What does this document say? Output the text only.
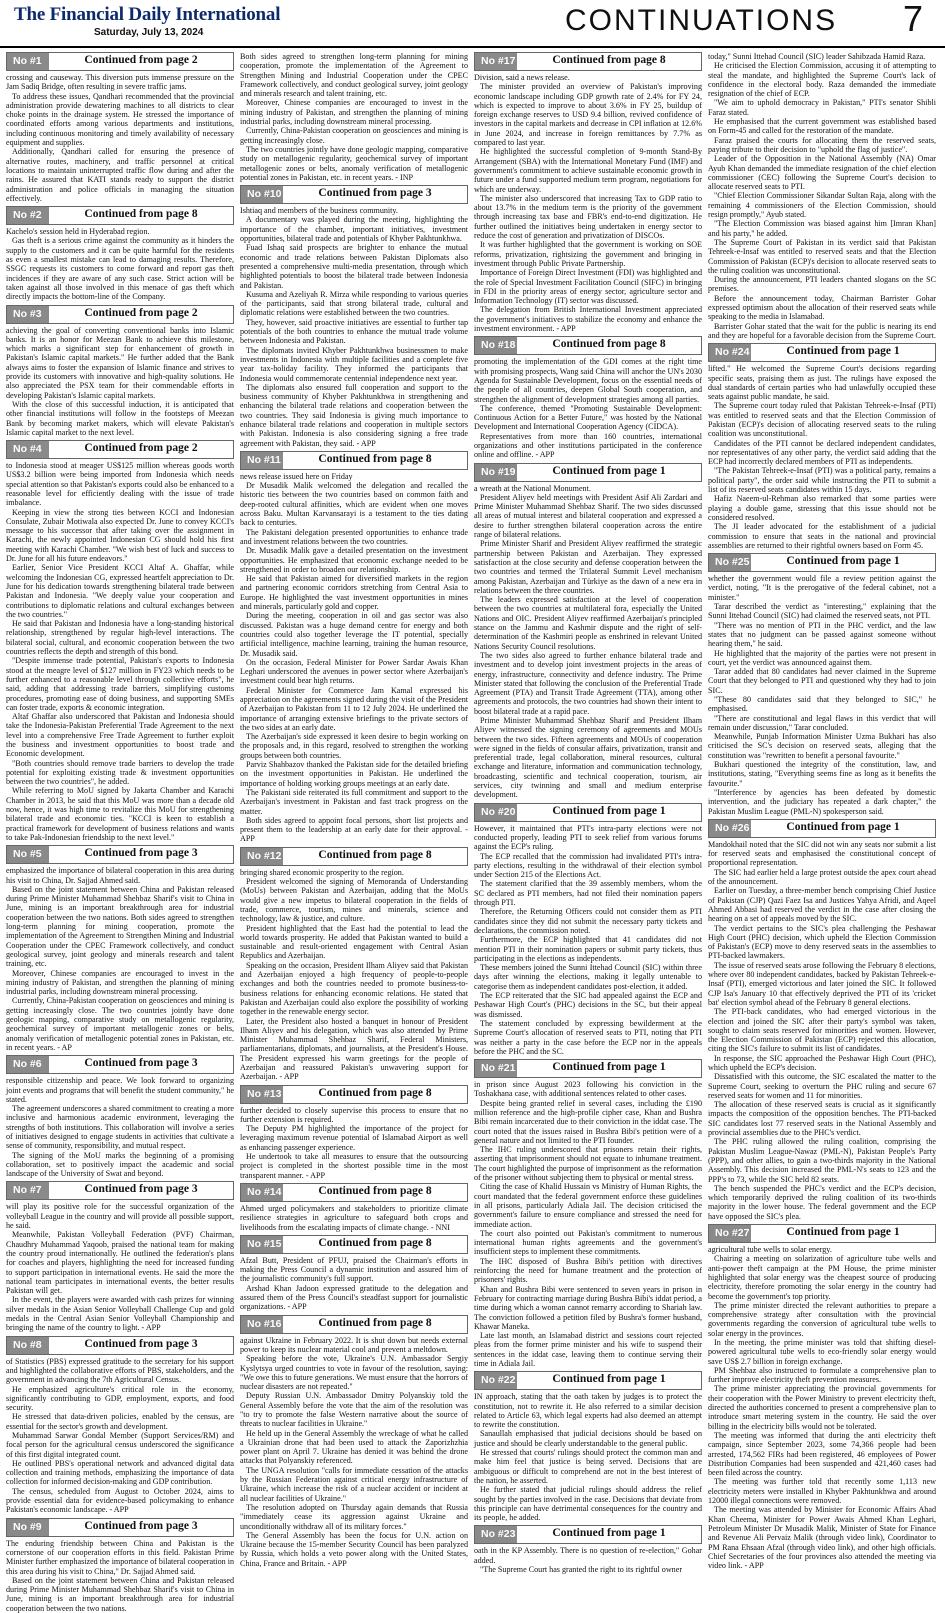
The Financial Daily International
Saturday, July 13, 2024	CONTINUATIONS 7
No #1	Continued from page 2

crossing and causeway. This diversion puts immense pressure on the Jam Sadiq Bridge, often resulting in severe traffic jams.

To address these issues, Qandhari recommended that the provincial administration provide dewatering machines to all districts to clear choke points in the drainage system. He stressed the importance of coordinated efforts among various departments and institutions, including continuous monitoring and timely availability of necessary equipment and supplies.

Additionally, Qandhari called for ensuring the presence of alternative routes, machinery, and traffic personnel at critical locations to maintain uninterrupted traffic flow during and after the rains. He assured that KATI stands ready to support the district administration and police officials in managing the situation effectively.

No #2	Continued from page 8

Kachelo's session held in Hyderabad region.

Gas theft is a serious crime against the community as it hinders the supply to the customers and it can be quite harmful for the residents as even a smallest mistake can lead to damaging results. Therefore, SSGC requests its customers to come forward and report gas theft incidences if they are aware of any such case. Strict action will be taken against all those involved in this menace of gas theft which directly impacts the bottom-line of the Company.

No #3	Continued from page 2

achieving the goal of converting conventional banks into Islamic banks. It is an honor for Meezan Bank to achieve this milestone, which marks a significant step for enhancement of growth in Pakistan's Islamic capital markets." He further added that the Bank always aims to foster the expansion of Islamic finance and strives to provide its customers with innovative and high-quality solutions. He also appreciated the PSX team for their commendable efforts in developing Pakistan's Islamic capital markets.

With the close of this successful induction, it is anticipated that other financial institutions will follow in the footsteps of Meezan Bank by becoming market makers, which will elevate Pakistan's Islamic capital market to the next level.

No #4	Continued from page 2

to Indonesia stood at meager US$125 million whereas goods worth US$3.2 billion were being imported from Indonesia which needs special attention so that Pakistan's exports could also be enhanced to a reasonable level for efficiently dealing with the issue of trade imbalance.

Keeping in view the strong ties between KCCI and Indonesian Consulate, Zubair Motiwala also expected Dr. June to convey KCCI's message to his successor that after taking over the assignment in Karachi, the newly appointed Indonesian CG should hold his first meeting with Karachi Chamber. "We wish best of luck and success to Dr. June for all his future endeavors."

Earlier, Senior Vice President KCCI Altaf A. Ghaffar, while welcoming the Indonesian CG, expressed heartfelt appreciation to Dr. June for his dedication towards strengthening bilateral trade between Pakistan and Indonesia. "We deeply value your cooperation and contributions to diplomatic relations and cultural exchanges between the two countries."

He said that Pakistan and Indonesia have a long-standing historical relationship, strengthened by regular high-level interactions. The bilateral social, cultural, and economic cooperation between the two countries reflects the depth and strength of this bond.

"Despite immense trade potential, Pakistan's exports to Indonesia stood at the meagre level of $127 million in FY23 which needs to be further enhanced to a reasonable level through collective efforts", he said, adding that addressing trade barriers, simplifying customs procedures, promoting ease of doing business, and supporting SMEs can foster trade, exports & economic integration.

Altaf Ghaffar also underscored that Pakistan and Indonesia should take the Indonesia-Pakistan Preferential Trade Agreement to the next level into a comprehensive Free Trade Agreement to further exploit the business and investment opportunities to boost trade and Economic development.

"Both countries should remove trade barriers to develop the trade potential for exploiting existing trade & investment opportunities between the two countries", he added.

While referring to MoU signed by Jakarta Chamber and Karachi Chamber in 2013, he said that this MoU was more than a decade old now, hence, it was high time to revitalize this MoU for strengthening bilateral trade and economic ties. "KCCI is keen to establish a practical framework for development of business relations and wants to take Pak-Indonesian friendship to the next level."

No #5	Continued from page 3

emphasized the importance of bilateral cooperation in this area during his visit to China, Dr. Sajjad Ahmed said.

Based on the joint statement between China and Pakistan released during Prime Minister Muhammad Shehbaz Sharif's visit to China in June, mining is an important breakthrough area for industrial cooperation between the two nations. Both sides agreed to strengthen long-term planning for mining cooperation, promote the implementation of the Agreement to Strengthen Mining and Industrial Cooperation under the CPEC Framework collectively, and conduct geological survey, joint geology and minerals research and talent training, etc.

Moreover, Chinese companies are encouraged to invest in the mining industry of Pakistan, and strengthen the planning of mining industrial parks, including downstream mineral processing.

Currently, China-Pakistan cooperation on geosciences and mining is getting increasingly close. The two countries jointly have done geologic mapping, comparative study on metallogenic regularity, geochemical survey of important metallogenic zones or belts, anomaly verification of metallogenic potential zones in Pakistan, etc. in recent years. - AP

No #6	Continued from page 3

responsible citizenship and peace. We look forward to organizing joint events and programs that will benefit the student community," he stated.

The agreement underscores a shared commitment to creating a more inclusive and harmonious academic environment, leveraging the strengths of both institutions. This collaboration will involve a series of initiatives designed to engage students in activities that cultivate a sense of community, responsibility, and mutual respect.

The signing of the MoU marks the beginning of a promising collaboration, set to positively impact the academic and social landscape of the University of Swat and beyond.

No #7	Continued from page 3

will play its positive role for the successful organization of the volleyball League in the country and will provide all possible support, he said.

Meanwhile, Pakistan Volleyball Federation (PVF) Chairman, Chaudhry Muhammad Yaqoob, praised the national team for making the country proud internationally. He outlined the federation's plans for coaches and players, highlighting the need for increased funding to support participation in international events. He said the more the national team participates in international events, the better results Pakistan will get.

In the event, the players were awarded with cash prizes for winning silver medals in the Asian Senior Volleyball Challenge Cup and gold medals in the Central Asian Senior Volleyball Championship and bringing the name of the country to light. - APP

No #8	Continued from page 3

of Statistics (PBS) expressed gratitude to the secretary for his support and highlighted the collaborative efforts of PBS, stakeholders, and the government in advancing the 7th Agricultural Census.

He emphasized agriculture's critical role in the economy, significantly contributing to GDP, employment, exports, and food security.

He stressed that data-driven policies, enabled by the census, are essential for the sector's growth and development.

Muhammad Sarwar Gondal Member (Support Services/RM) and focal person for the agricultural census underscored the significance of this first digital integrated count.

He outlined PBS's operational network and advanced digital data collection and training methods, emphasizing the importance of data collection for informed decision-making and GDP contribution.

The census, scheduled from August to October 2024, aims to provide essential data for evidence-based policymaking to enhance Pakistan's economic landscape. - APP

No #9	Continued from page 3

The enduring friendship between China and Pakistan is the cornerstone of our cooperation efforts in this field. Pakistan Prime Minister further emphasized the importance of bilateral cooperation in this area during his visit to China," Dr. Sajjad Ahmed said.

Based on the joint statement between China and Pakistan released during Prime Minister Muhammad Shehbaz Sharif's visit to China in June, mining is an important breakthrough area for industrial cooperation between the two nations.

Both sides agreed to strengthen long-term planning for mining cooperation, promote the implementation of the Agreement to Strengthen Mining and Industrial Cooperation under the CPEC Framework collectively, and conduct geological survey, joint geology and minerals research and talent training, etc.

Moreover, Chinese companies are encouraged to invest in the mining industry of Pakistan, and strengthen the planning of mining industrial parks, including downstream mineral processing.

Currently, China-Pakistan cooperation on geosciences and mining is getting increasingly close.

The two countries jointly have done geologic mapping, comparative study on metallogenic regularity, geochemical survey of important metallogenic zones or belts, anomaly verification of metallogenic potential zones in Pakistan, etc. in recent years. - INP

No #10	Continued from page 3

Ishtiaq and members of the business community.

A documentary was played during the meeting, highlighting the importance of the chamber, important initiatives, investment opportunities, bilateral trade and potentials of Khyber Pakhtunkhwa.

Fuad Ishaq said prospects are brighter to enhance the mutual economic and trade relations between Pakistan Diplomats also presented a comprehensive multi-media presentation, through which highlighted potentials to boost the bilateral trade between Indonesia and Pakistan.

Kusuma and Azeliyah R. Mirza while responding to various queries of the participants, said that strong bilateral trade, cultural and diplomatic relations were established between the two countries.

They, however, said proactive initiatives are essential to further tap potentials of the both countries to enhance the mutual trade volume between Indonesia and Pakistan.

The diplomats invited Khyber Pakhtunkhwa businessmen to make investments in Indonesia with multiple facilities and a complete five year tax-holiday facility. They informed the participants that Indonesia would commemorate centennial independence next year.

The diplomats also ensured full cooperation and support to the business community of Khyber Pakhtunkhwa in strengthening and enhancing the bilateral trade relations and cooperation between the two countries. They said Indonesia is giving much importance to enhance bilateral trade relations and cooperation in multiple sectors with Pakistan. Indonesia is also considering signing a free trade agreement with Pakistan, they said. - APP

No #11	Continued from page 8

news release issued here on Friday

Dr Musadik Malik welcomed the delegation and recalled the historic ties between the two countries based on common faith and deep-rooted cultural affinities, which are evident when one moves across Baku. Multan Karvansarayi is a testament to the ties dating back to centuries.

The Pakistani delegation presented opportunities to enhance trade and investment relations between the two countries.

Dr. Musadik Malik gave a detailed presentation on the investment opportunities. He emphasized that economic exchange needed to be strengthened in order to broaden our relationship.

He said that Pakistan aimed for diversified markets in the region and partnering economic corridors stretching from Central Asia to Europe. He highlighted the vast investment opportunities in mines and minerals, particularly gold and copper.

During the meeting, cooperation in oil and gas sector was also discussed. Pakistan was a huge demand centre for energy and both countries could also together leverage the IT potential, specially artificial intelligence, machine learning, training the human resource, Dr. Musadik said.

On the occasion, Federal Minister for Power Sardar Awais Khan Leghari underscored the avenues in power sector where Azerbaijan's investment could bear high returns.

Federal Minister for Commerce Jam Kamal expressed his appreciation on the agreements signed during the visit of the President of Azerbaijan to Pakistan from 11 to 12 July 2024. He underlined the importance of arranging extensive briefings to the private sectors of the two sides at an early date.

The Azerbaijan's side expressed it keen desire to begin working on the proposals and, in this regard, resolved to strengthen the working groups between both countries.

Parviz Shahbazov thanked the Pakistan side for the detailed briefing on the investment opportunities in Pakistan. He underlined the importance of holding working groups meetings at an early date.

The Pakistani side reiterated its full commitment and support to the Azerbaijan's investment in Pakistan and fast track progress on the matter.

Both sides agreed to appoint focal persons, short list projects and present them to the leadership at an early date for their approval. - APP

No #12	Continued from page 8

bringing shared economic prosperity to the region.

President welcomed the signing of Memoranda of Understanding (MoUs) between Pakistan and Azerbaijan, adding that the MoUs would give a new impetus to bilateral cooperation in the fields of trade, commerce, tourism, mines and minerals, science and technology, law & justice, and culture.

President highlighted that the East had the potential to lead the world towards prosperity. He added that Pakistan wanted to build a sustainable and result-oriented engagement with Central Asian Republics and Azerbaijan.

Speaking on the occasion, President Ilham Aliyev said that Pakistan and Azerbaijan enjoyed a high frequency of people-to-people exchanges and both the countries needed to promote business-to-business relations for enhancing economic relations. He stated that Pakistan and Azerbaijan could also explore the possibility of working together in the renewable energy sector.

Later, the President also hosted a banquet in honour of President Ilham Aliyev and his delegation, which was also attended by Prime Minister Muhammad Shehbaz Sharif, Federal Ministers, parliamentarians, diplomats, and journalists, at the President's House. The President expressed his warm greetings for the people of Azerbaijan and reassured Pakistan's unwavering support for Azerbaijan. - APP

No #13	Continued from page 8

further decided to closely supervise this process to ensure that no further extension is required.

The Deputy PM highlighted the importance of the project for leveraging maximum revenue potential of Islamabad Airport as well as enhancing passenger experience.

He undertook to take all measures to ensure that the outsourcing project is completed in the shortest possible time in the most transparent manner. - APP

No #14	Continued from page 8

Ahmed urged policymakers and stakeholders to prioritize climate resilience strategies in agriculture to safeguard both crops and livelihoods from the escalating impacts of climate change. - NNI

No #15	Continued from page 8

Afzal Butt, President of PFUJ, praised the Chairman's efforts in making the Press Council a dynamic institution and assured him of the journalistic community's full support.

Arshad Khan Jadoon expressed gratitude to the delegation and assured them of the Press Council's steadfast support for journalistic organizations. - APP

No #16	Continued from page 8

against Ukraine in February 2022. It is shut down but needs external power to keep its nuclear material cool and prevent a meltdown.

Speaking before the vote, Ukraine's U.N. Ambassador Sergiy Kyslytsya urged countries to vote in favour of the resolution, saying: "We owe this to future generations. We must ensure that the horrors of nuclear disasters are not repeated."

Deputy Russian U.N. Ambassador Dmitry Polyanskiy told the General Assembly before the vote that the aim of the resolution was "to try to promote the false Western narrative about the source of threats to nuclear facilities in Ukraine."

He held up in the General Assembly the wreckage of what he called a Ukrainian drone that had been used to attack the Zaporizhzhia power plant on April 7. Ukraine has denied it was behind the drone attacks that Polyanskiy referenced.

The UNGA resolution "calls for immediate cessation of the attacks by the Russian Federation against critical energy infrastructure of Ukraine, which increase the risk of a nuclear accident or incident at all nuclear facilities of Ukraine."

The resolution adopted on Thursday again demands that Russia "immediately cease its aggression against Ukraine and unconditionally withdraw all of its military forces."

The General Assembly has been the focus for U.N. action on Ukraine because the 15-member Security Council has been paralyzed by Russia, which holds a veto power along with the United States, China, France and Britain. - APP

No #17	Continued from page 8

Division, said a news release.

The minister provided an overview of Pakistan's improving economic landscape including GDP growth rate of 2.4% for FY 24, which is expected to improve to about 3.6% in FY 25, buildup of foreign exchange reserves to USD 9.4 billion, revived confidence of investors in the capital markets and decrease in CPI inflation at 12.6% in June 2024, and increase in foreign remittances by 7.7% as compared to last year.

He highlighted the successful completion of 9-month Stand-By Arrangement (SBA) with the International Monetary Fund (IMF) and government's commitment to achieve sustainable economic growth in future under a fund supported medium term program, negotiations for which are underway.

The minister also underscored that increasing Tax to GDP ratio to about 13.7% in the medium term is the priority of the government through increasing tax base and FBR's end-to-end digitization. He further outlined the initiatives being undertaken in energy sector to reduce the cost of generation and privatization of DISCOs.

It was further highlighted that the government is working on SOE reforms, privatization, rightsizing the government and bringing in investment through Public Private Partnership.

Importance of Foreign Direct Investment (FDI) was highlighted and the role of Special Investment Facilitation Council (SIFC) in bringing in FDI in the priority areas of energy sector, agriculture sector and Information Technology (IT) sector was discussed.

The delegation from British International Investment appreciated the government's initiatives to stabilize the economy and enhance the investment environment. - APP

No #18	Continued from page 8

promoting the implementation of the GDI comes at the right time with promising prospects, Wang said China will anchor the UN's 2030 Agenda for Sustainable Development, focus on the essential needs of the people of all countries, deepen Global South cooperation, and strengthen the alignment of development strategies among all parties.

The conference, themed "Promoting Sustainable Development: Continuous Action for a Better Future," was hosted by the National Development and International Cooperation Agency (CIDCA).

Representatives from more than 160 countries, international organizations and other institutions participated in the conference online and offline. - APP

No #19	Continued from page 1

a wreath at the National Monument.

President Aliyev held meetings with President Asif Ali Zardari and Prime Minister Muhammad Shehbaz Sharif. The two sides discussed all areas of mutual interest and bilateral cooperation and expressed a desire to further strengthen bilateral cooperation across the entire range of bilateral relations.

Prime Minister Sharif and President Aliyev reaffirmed the strategic partnership between Pakistan and Azerbaijan. They expressed satisfaction at the close security and defense cooperation between the two countries and termed the Trilateral Summit Level mechanism among Pakistan, Azerbaijan and Türkiye as the dawn of a new era in relations between the three countries.

The leaders expressed satisfaction at the level of cooperation between the two countries at multilateral fora, especially the United Nations and OIC. President Aliyev reaffirmed Azerbaijan's principled stance on the Jammu and Kashmir dispute and the right of self-determination of the Kashmiri people as enshrined in relevant United Nations Security Council resolutions.

The two sides also agreed to further enhance bilateral trade and investment and to develop joint investment projects in the areas of energy, infrastructure, connectivity and defence industry. The Prime Minister stated that following the conclusion of the Preferential Trade Agreement (PTA) and Transit Trade Agreement (TTA), among other agreements and protocols, the two countries had shown their intent to boost bilateral trade at a rapid pace.

Prime Minister Muhammad Shehbaz Sharif and President Ilham Aliyev witnessed the signing ceremony of agreements and MOUs between the two sides. Fifteen agreements and MOUs of cooperation were signed in the fields of consular affairs, privatization, transit and preferential trade, legal collaboration, mineral resources, cultural exchange and literature, information and communication technology, broadcasting, scientific and technical cooperation, tourism, air services, city twinning and small and medium enterprise development.

No #20	Continued from page 1

However, it maintained that PTI's intra-party elections were not conducted properly, leading PTI to seek relief from various forums against the ECP's ruling.

The ECP recalled that the commission had invalidated PTI's intra-party elections, resulting in the withdrawal of their election symbol under Section 215 of the Elections Act.

The statement clarified that the 39 assembly members, whom the SC declared as PTI members, had not filed their nomination papers through PTI.

Therefore, the Returning Officers could not consider them as PTI candidates since they did not submit the necessary party tickets and declarations, the commission noted.

Furthermore, the ECP highlighted that 41 candidates did not mention PTI in their nomination papers or submit party tickets, thus participating in the elections as independents.

These members joined the Sunni Ittehad Council (SIC) within three days after winning the elections, making it legally untenable to categorise them as independent candidates post-election, it added.

The ECP reiterated that the SIC had appealed against the ECP and Peshawar High Court's (PHC) decisions in the SC, but their appeal was dismissed.

The statement concluded by expressing bewilderment at the Supreme Court's allocation of reserved seats to PTI, noting that PTI was neither a party in the case before the ECP nor in the appeals before the PHC and the SC.

No #21	Continued from page 1

in prison since August 2023 following his conviction in the Toshakhana case, with additional sentences related to other cases.

Despite being granted relief in several cases, including the £190 million reference and the high-profile cipher case, Khan and Bushra Bibi remain incarcerated due to their conviction in the iddat case. The court noted that the issues raised in Bushra Bibi's petition were of a general nature and not limited to the PTI founder.

The IHC ruling underscored that prisoners retain their rights, asserting that imprisonment should not equate to inhumane treatment. The court highlighted the purpose of imprisonment as the reformation of the prisoner without subjecting them to physical or mental stress.

Citing the case of Khalid Hussain vs Ministry of Human Rights, the court mandated that the federal government enforce these guidelines in all prisons, particularly Adiala Jail. The decision criticised the government's failure to ensure compliance and stressed the need for immediate action.

The court also pointed out Pakistan's commitment to numerous international human rights agreements and the government's insufficient steps to implement these commitments.

The IHC disposed of Bushra Bibi's petition with directives reinforcing the need for humane treatment and the protection of prisoners' rights.

Khan and Bushra Bibi were sentenced to seven years in prison in February for contracting marriage during Bushra Bibi's iddat period, a time during which a woman cannot remarry according to Shariah law. The conviction followed a petition filed by Bushra's former husband, Khawar Maneka.

Late last month, an Islamabad district and sessions court rejected pleas from the former prime minister and his wife to suspend their sentences in the iddat case, leaving them to continue serving their time in Adiala Jail.

No #22	Continued from page 1

IN approach, stating that the oath taken by judges is to protect the constitution, not to rewrite it. He also referred to a similar decision related to Article 63, which legal experts had also deemed an attempt to rewrite the constitution.

Sanaullah emphasised that judicial decisions should be based on justice and should be clearly understandable to the general public.

He stressed that courts' rulings should protect the common man and make him feel that justice is being served. Decisions that are ambiguous or difficult to comprehend are not in the best interest of the nation, he asserted.

He further stated that judicial rulings should address the relief sought by the parties involved in the case. Decisions that deviate from this principle can have detrimental consequences for the country and its people, he added.

No #23	Continued from page 1

oath in the KP Assembly. There is no question of re-election," Gohar added.

"The Supreme Court has granted the right to its rightful owner

today," Sunni Ittehad Council (SIC) leader Sahibzada Hamid Raza.

He criticised the Election Commission, accusing it of attempting to steal the mandate, and highlighted the Supreme Court's lack of confidence in the electoral body. Raza demanded the immediate resignation of the chief of ECP.

"We aim to uphold democracy in Pakistan," PTI's senator Shibli Faraz stated.

He emphasised that the current government was established based on Form-45 and called for the restoration of the mandate.

Faraz praised the courts for allocating them the reserved seats, paying tribute to their decision to "uphold the flag of justice".

Leader of the Opposition in the National Assembly (NA) Omar Ayub Khan demanded the immediate resignation of the chief election commissioner (CEC) following the Supreme Court's decision to allocate reserved seats to PTI.

"Chief Election Commissioner Sikandar Sultan Raja, along with the remaining 4 commissioners of the Election Commission, should resign promptly," Ayub stated.

"The Election Commission was biased against him [Imran Khan] and his party," he added.

The Supreme Court of Pakistan in its verdict said that Pakistan Tehreek-e-Insaf was entitled to reserved seats and that the Election Commission of Pakistan (ECP)'s decision to allocate reserved seats to the ruling coalition was unconstitutional.

During the announcement, PTI leaders chanted slogans on the SC premises.

Before the announcement today, Chairman Barrister Gohar expressed optimism about the allocation of their reserved seats while speaking to the media in Islamabad.

Barrister Gohar stated that the wait for the public is nearing its end and they are hopeful for a favorable decision from the Supreme Court.

No #24	Continued from page 1

lifted." He welcomed the Supreme Court's decisions regarding specific seats, praising them as just. The rulings have exposed the dual standards of certain parties who had unlawfully occupied these seats against public mandate, he said.

The Supreme court today ruled that Pakistan Tehreek-e-Insaf (PTI) was entitled to reserved seats and that the Election Commission of Pakistan (ECP)'s decision of allocating reserved seats to the ruling coalition was unconstitutional.

Candidates of the PTI cannot be declared independent candidates, nor representatives of any other party, the verdict said adding that the ECP had incorrectly declared members of PTI as independents.

"The Pakistan Tehreek-e-Insaf (PTI) was a political party, remains a political party", the order said while instructing the PTI to submit a list of its reserved seats candidates within 15 days.

Hafiz Naeem-ul-Rehman also remarked that some parties were playing a double game, stressing that this issue should not be considered resolved.

The JI leader advocated for the establishment of a judicial commission to ensure that seats in the national and provincial assemblies are returned to their rightful owners based on Form 45.

No #25	Continued from page 1

whether the government would file a review petition against the verdict, noting, "It is the prerogative of the federal cabinet, not a minister."

Tarar described the verdict as "interesting," explaining that the Sunni Ittehad Council (SIC) had claimed the reserved seats, not PTI.

"There was no mention of PTI in the PHC verdict, and the law states that no judgment can be passed against someone without hearing them," he said.

He highlighted that the majority of the parties were not present in court, yet the verdict was announced against them.

Tarar added that 80 candidates had never claimed in the Supreme Court that they belonged to PTI and questioned why they had to join SIC.

"These 80 candidates said that they belonged to SIC," he emphasised.

"There are constitutional and legal flaws in this verdict that will remain under discussion," Tarar concluded.

Meanwhile, Punjab Information Minister Uzma Bukhari has also criticised the SC's decision on reserved seats, alleging that the constitution was "rewritten to benefit a personal favourite."

Bukhari questioned the integrity of the constitution, law, and institutions, stating, "Everything seems fine as long as it benefits the favourite."

"Interference by agencies has been defeated by domestic intervention, and the judiciary has repeated a dark chapter," the Pakistan Muslim League (PML-N) spokesperson said.

No #26	Continued from page 1

Mandokhail noted that the SIC did not win any seats nor submit a list for reserved seats and emphasised the constitutional concept of proportional representation.

The SIC had earlier held a large protest outside the apex court ahead of the announcement.

Earlier on Tuesday, a three-member bench comprising Chief Justice of Pakistan (CJP) Qazi Faez Isa and Justices Yahya Afridi, and Aqeel Ahmed Abbasi had reserved the verdict in the case after closing the hearing on a set of appeals moved by the SIC.

The verdict pertains to the SIC's plea challenging the Peshawar High Court (PHC) decision, which upheld the Election Commission of Pakistan's (ECP) move to deny reserved seats in the assemblies to PTI-backed lawmakers.

The issue of reserved seats arose following the February 8 elections, where over 80 independent candidates, backed by Pakistan Tehreek-e-Insaf (PTI), emerged victorious and later joined the SIC. It followed CJP Isa's January 10 that effectively deprived the PTI of its 'cricket bat' election symbol ahead of the February 8 general elections.

The PTI-back candidates, who had emerged victorious in the election and joined the SIC after their party's symbol was taken, sought to claim seats reserved for minorities and women. However, the Election Commission of Pakistan (ECP) rejected this allocation, citing the SIC's failure to submit its list of candidates.

In response, the SIC approached the Peshawar High Court (PHC), which upheld the ECP's decision.

Dissatisfied with this outcome, the SIC escalated the matter to the Supreme Court, seeking to overturn the PHC ruling and secure 67 reserved seats for women and 11 for minorities.

The allocation of these reserved seats is crucial as it significantly impacts the composition of the opposition benches. The PTI-backed SIC candidates lost 77 reserved seats in the National Assembly and provincial assemblies due to the PHC's verdict.

The PHC ruling allowed the ruling coalition, comprising the Pakistan Muslim League-Nawaz (PML-N), Pakistan People's Party (PPP), and other allies, to gain a two-thirds majority in the National Assembly. This decision increased the PML-N's seats to 123 and the PPP's to 73, while the SIC held 82 seats.

The bench suspended the PHC's verdict and the ECP's decision, which temporarily deprived the ruling coalition of its two-thirds majority in the lower house. The federal government and the ECP have opposed the SIC's plea.

No #27	Continued from page 1

agricultural tube wells to solar energy.

Chairing a meeting on solarization of agriculture tube wells and anti-power theft campaign at the PM House, the prime minister highlighted that solar energy was the cheapest source of producing electricity, therefore promoting the solar energy in the country had become the government's top priority.

The prime minister directed the relevant authorities to prepare a comprehensive strategy after consultation with the provincial governments regarding the conversion of agricultural tube wells to solar energy in the provinces.

In the meeting, the prime minister was told that shifting diesel-powered agricultural tube wells to eco-friendly solar energy would save US$ 2.7 billion in foreign exchange.

PM Shehbaz also instructed to formulate a comprehensive plan to further improve electricity theft prevention measures.

The prime minister appreciating the provincial governments for their cooperation with the Power Ministry to prevent electricity theft, directed the authorities concerned to present a comprehensive plan to introduce smart metering system in the country. He said the over billing in the electricity bills would not be tolerated.

The meeting was informed that during the anti electricity theft campaign, since September 2023, some 74,366 people had been arrested, 174,562 FIRs had been registered, 46 employees of Power Distribution Companies had been suspended and 421,460 cases had been filed across the country.

The meeting was further told that recently some 1,113 new electricity meters were installed in Khyber Pakhtunkhwa and around 12000 illegal connections were removed.

The meeting was attended by Minister for Economic Affairs Ahad Khan Cheema, Minister for Power Awais Ahmed Khan Leghari, Petroleum Minister Dr Musadik Malik, Minister of State for Finance and Revenue Ali Pervaiz Malik (through video link), Coordinator to PM Rana Ehsaan Afzal (through video link), and other high officials. Chief Secretaries of the four provinces also attended the meeting via video link. - APP
